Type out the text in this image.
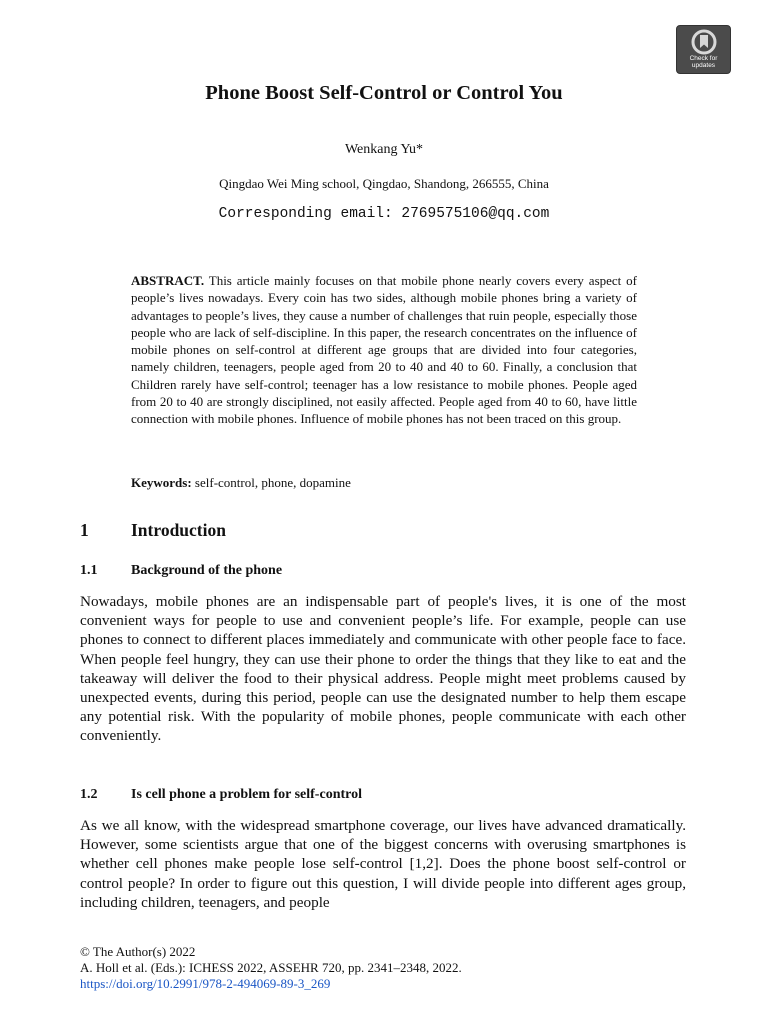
Check for
updates
Phone Boost Self-Control or Control You
Wenkang Yu*
Qingdao Wei Ming school, Qingdao, Shandong, 266555, China
Corresponding email: 2769575106@qq.com

ABSTRACT. This article mainly focuses on that mobile phone nearly covers every aspect of people’s lives nowadays. Every coin has two sides, although mobile phones bring a variety of advantages to people’s lives, they cause a number of challenges that ruin people, especially those people who are lack of self-discipline. In this paper, the research concentrates on the influence of mobile phones on self-control at different age groups that are divided into four categories, namely children, teenagers, people aged from 20 to 40 and 40 to 60. Finally, a conclusion that Children rarely have self-control; teenager has a low resistance to mobile phones. People aged from 20 to 40 are strongly disciplined, not easily affected. People aged from 40 to 60, have little connection with mobile phones. Influence of mobile phones has not been traced on this group.

Keywords: self-control, phone, dopamine

1 Introduction
1.1 Background of the phone

Nowadays, mobile phones are an indispensable part of people's lives, it is one of the most convenient ways for people to use and convenient people’s life. For example, people can use phones to connect to different places immediately and communicate with other people face to face. When people feel hungry, they can use their phone to order the things that they like to eat and the takeaway will deliver the food to their physical address. People might meet problems caused by unexpected events, during this period, people can use the designated number to help them escape any potential risk. With the popularity of mobile phones, people communicate with each other conveniently.

1.2 Is cell phone a problem for self-control

As we all know, with the widespread smartphone coverage, our lives have advanced dramatically. However, some scientists argue that one of the biggest concerns with overusing smartphones is whether cell phones make people lose self-control [1,2]. Does the phone boost self-control or control people? In order to figure out this question, I will divide people into different ages group, including children, teenagers, and people

© The Author(s) 2022
A. Holl et al. (Eds.): ICHESS 2022, ASSEHR 720, pp. 2341–2348, 2022.
https://doi.org/10.2991/978-2-494069-89-3_269
